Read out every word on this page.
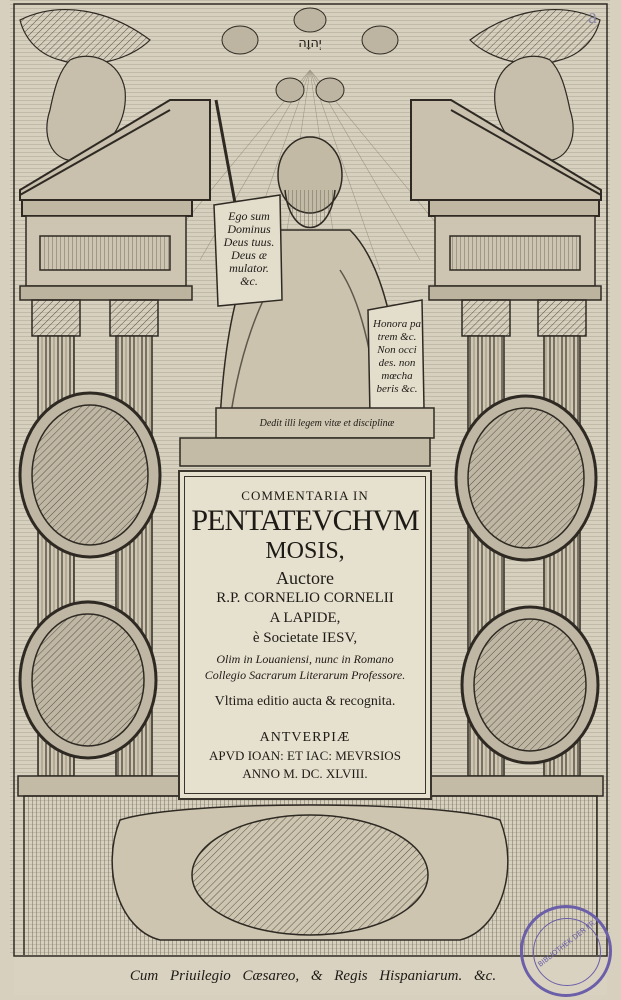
יְהוָה
Ego sum
Dominus
Deus tuus.
Deus æ
mulator.
&c.
Honora pa
trem &c.
Non occi
des. non
mœcha
beris &c.
Dedit illi legem vitæ et disciplinæ
COMMENTARIA IN
PENTATEVCHVM
MOSIS,
Auctore
R.P. CORNELIO CORNELII
A LAPIDE,
è Societate IESV,
Olim in Louaniensi, nunc in Romano
Collegio Sacrarum Literarum Professore.
Vltima editio aucta & recognita.
ANTVERPIÆ
APVD IOAN: ET IAC: MEVRSIOS
ANNO M. DC. XLVIII.
Cum Priuilegio Cæsareo, & Regis Hispaniarum. &c.
BIBLIOTHEK DER FR...
a
